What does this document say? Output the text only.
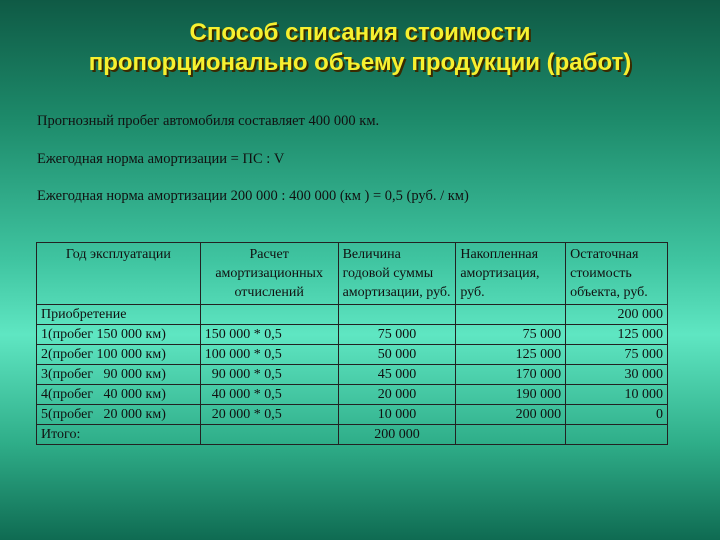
Способ списания стоимости
пропорционально объему продукции (работ)
Прогнозный пробег автомобиля составляет 400 000 км.
Ежегодная норма амортизации = ПС : V
Ежегодная норма амортизации 200 000 : 400 000 (км ) = 0,5 (руб. / км)
Год эксплуатации	Расчет амортизационных отчислений	Величина годовой суммы амортизации, руб.	Накопленная амортизация, руб.	Остаточная стоимость объекта, руб.
Приобретение				200 000
1(пробег 150 000 км)	150 000 * 0,5	75 000	75 000	125 000
2(пробег 100 000 км)	100 000 * 0,5	50 000	125 000	75 000
3(пробег   90 000 км)	90 000 * 0,5	45 000	170 000	30 000
4(пробег   40 000 км)	40 000 * 0,5	20 000	190 000	10 000
5(пробег   20 000 км)	20 000 * 0,5	10 000	200 000	0
Итого:		200 000		
